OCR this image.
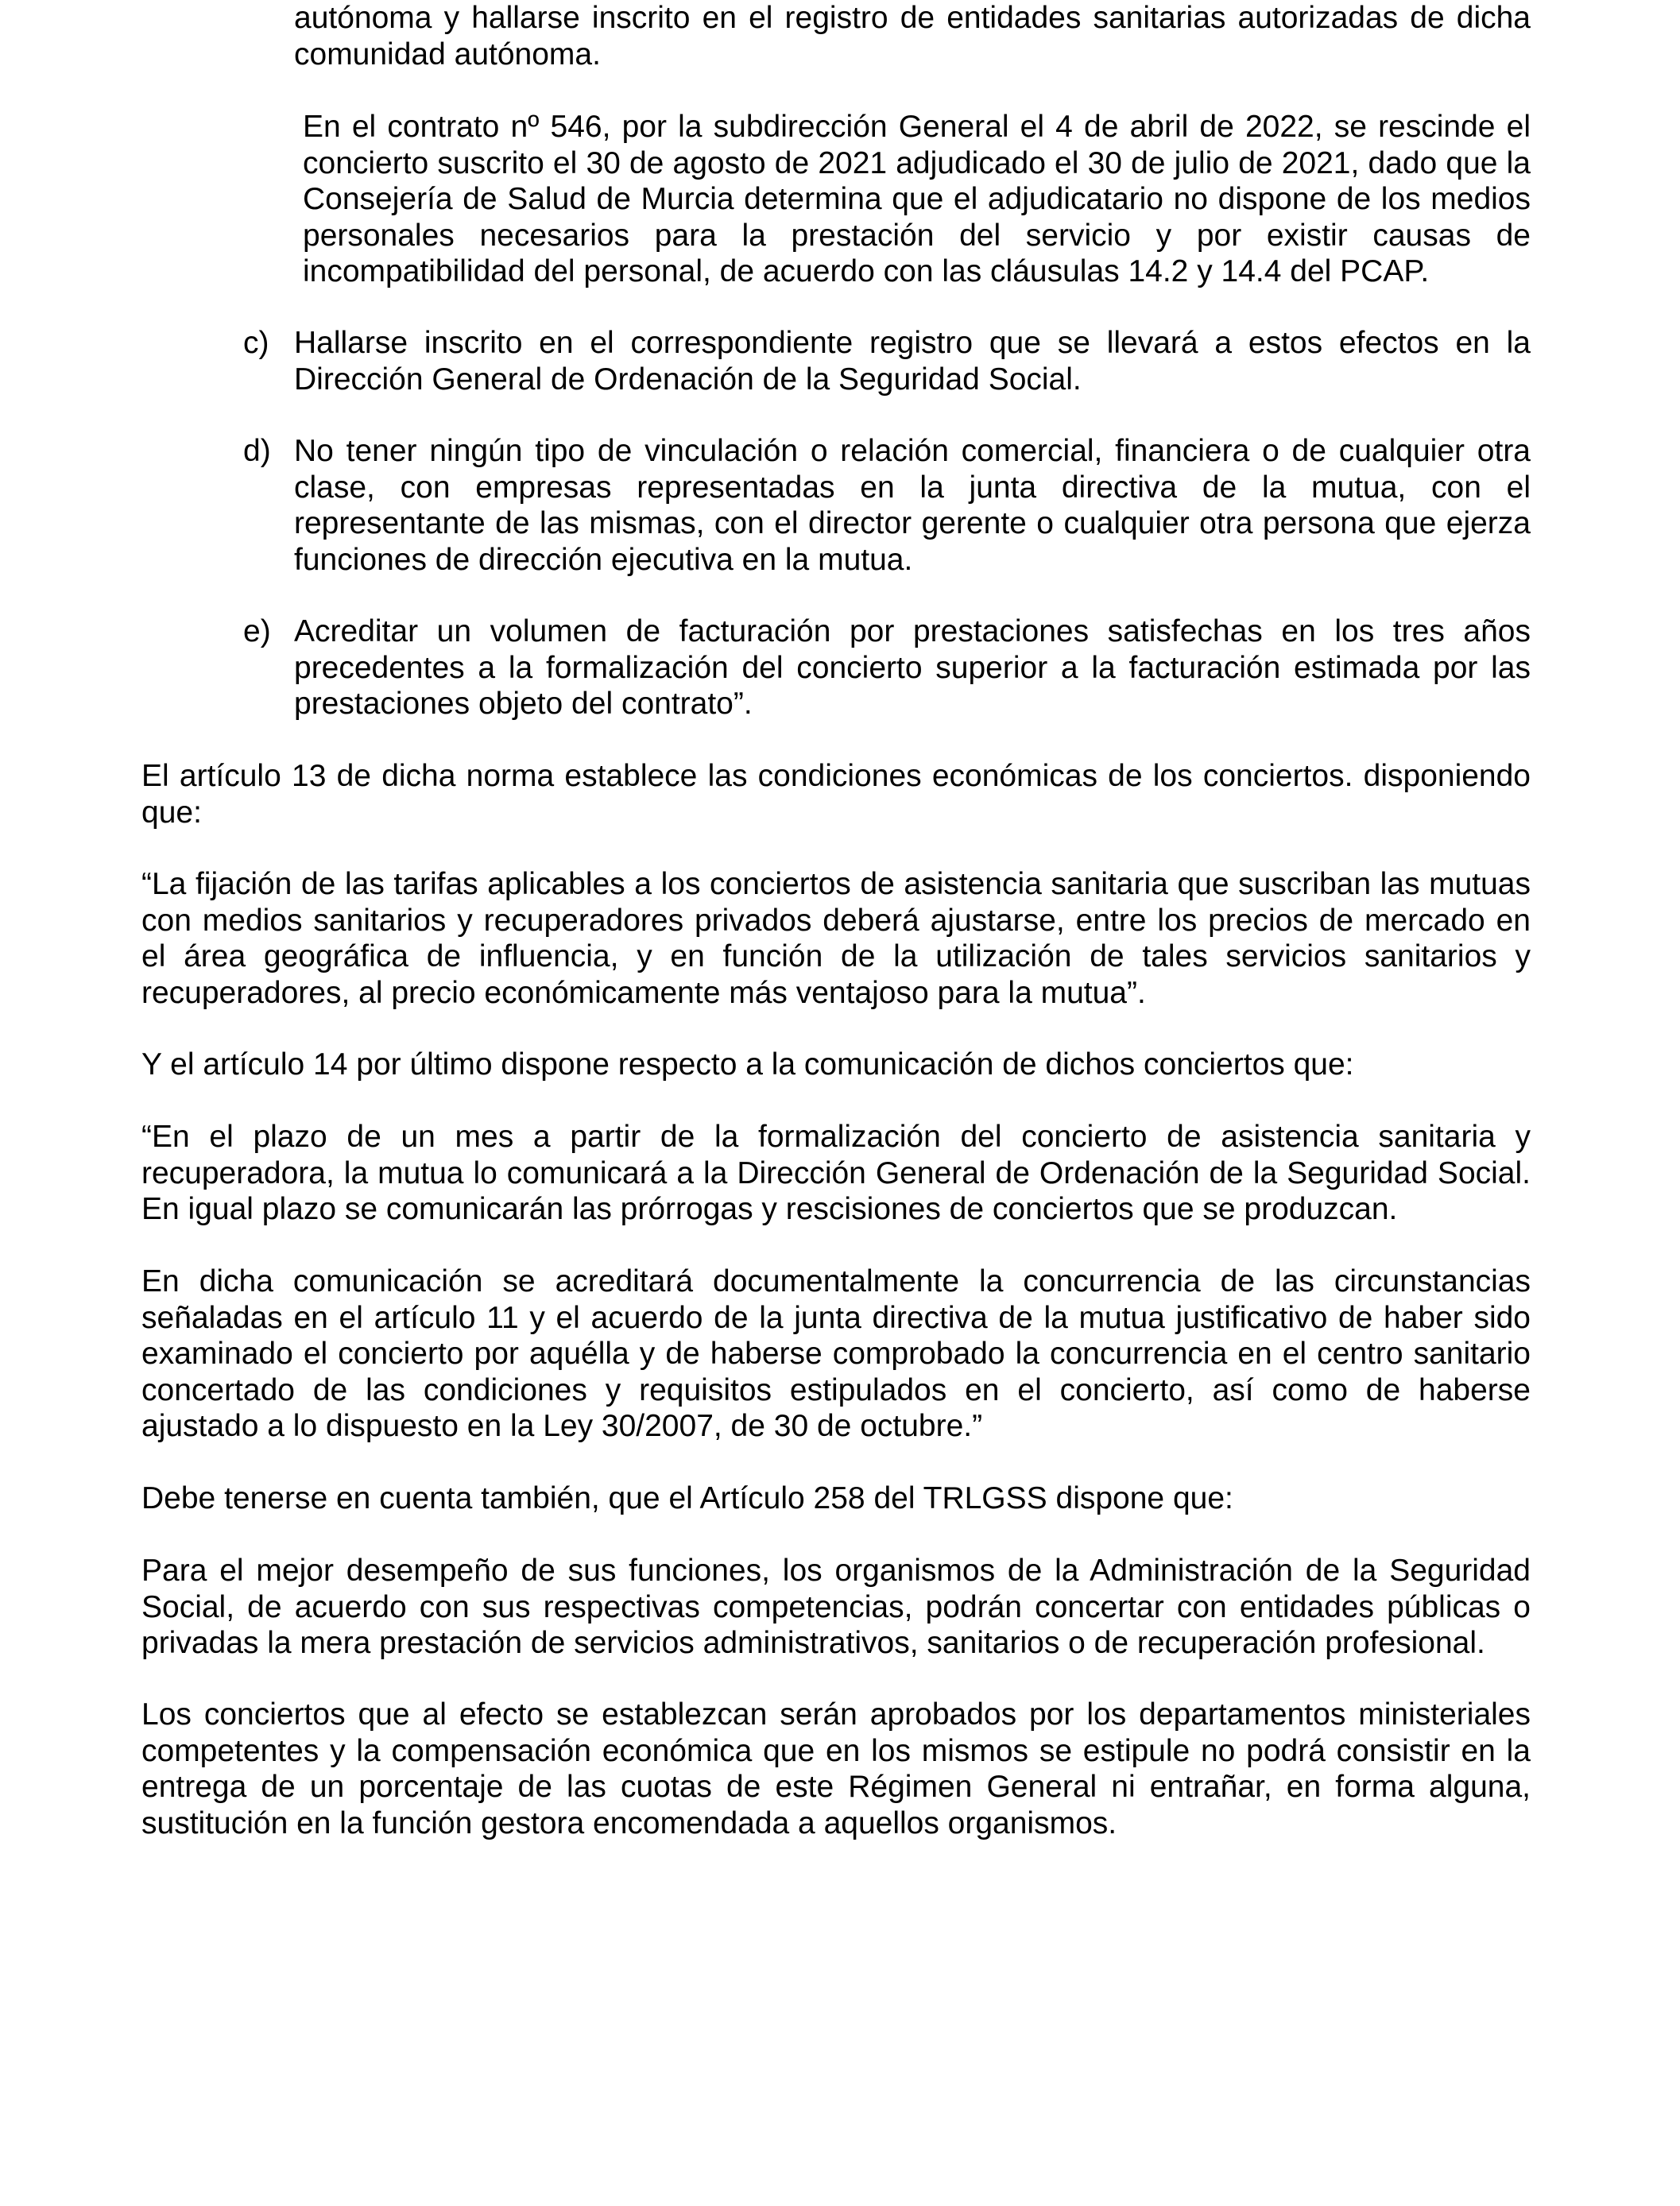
autónoma y hallarse inscrito en el registro de entidades sanitarias autorizadas de dicha comunidad autónoma.

En el contrato nº 546, por la subdirección General el 4 de abril de 2022, se rescinde el concierto suscrito el 30 de agosto de 2021 adjudicado el 30 de julio de 2021, dado que la Consejería de Salud de Murcia determina que el adjudicatario no dispone de los medios personales necesarios para la prestación del servicio y por existir causas de incompatibilidad del personal, de acuerdo con las cláusulas 14.2 y 14.4 del PCAP.

c) Hallarse inscrito en el correspondiente registro que se llevará a estos efectos en la Dirección General de Ordenación de la Seguridad Social.

d) No tener ningún tipo de vinculación o relación comercial, financiera o de cualquier otra clase, con empresas representadas en la junta directiva de la mutua, con el representante de las mismas, con el director gerente o cualquier otra persona que ejerza funciones de dirección ejecutiva en la mutua.

e) Acreditar un volumen de facturación por prestaciones satisfechas en los tres años precedentes a la formalización del concierto superior a la facturación estimada por las prestaciones objeto del contrato”.

El artículo 13 de dicha norma establece las condiciones económicas de los conciertos. disponiendo que:

“La fijación de las tarifas aplicables a los conciertos de asistencia sanitaria que suscriban las mutuas con medios sanitarios y recuperadores privados deberá ajustarse, entre los precios de mercado en el área geográfica de influencia, y en función de la utilización de tales servicios sanitarios y recuperadores, al precio económicamente más ventajoso para la mutua”.

Y el artículo 14 por último dispone respecto a la comunicación de dichos conciertos que:

“En el plazo de un mes a partir de la formalización del concierto de asistencia sanitaria y recuperadora, la mutua lo comunicará a la Dirección General de Ordenación de la Seguridad Social. En igual plazo se comunicarán las prórrogas y rescisiones de conciertos que se produzcan.

En dicha comunicación se acreditará documentalmente la concurrencia de las circunstancias señaladas en el artículo 11 y el acuerdo de la junta directiva de la mutua justificativo de haber sido examinado el concierto por aquélla y de haberse comprobado la concurrencia en el centro sanitario concertado de las condiciones y requisitos estipulados en el concierto, así como de haberse ajustado a lo dispuesto en la Ley 30/2007, de 30 de octubre.”

Debe tenerse en cuenta también, que el Artículo 258 del TRLGSS dispone que:

Para el mejor desempeño de sus funciones, los organismos de la Administración de la Seguridad Social, de acuerdo con sus respectivas competencias, podrán concertar con entidades públicas o privadas la mera prestación de servicios administrativos, sanitarios o de recuperación profesional.

Los conciertos que al efecto se establezcan serán aprobados por los departamentos ministeriales competentes y la compensación económica que en los mismos se estipule no podrá consistir en la entrega de un porcentaje de las cuotas de este Régimen General ni entrañar, en forma alguna, sustitución en la función gestora encomendada a aquellos organismos.
